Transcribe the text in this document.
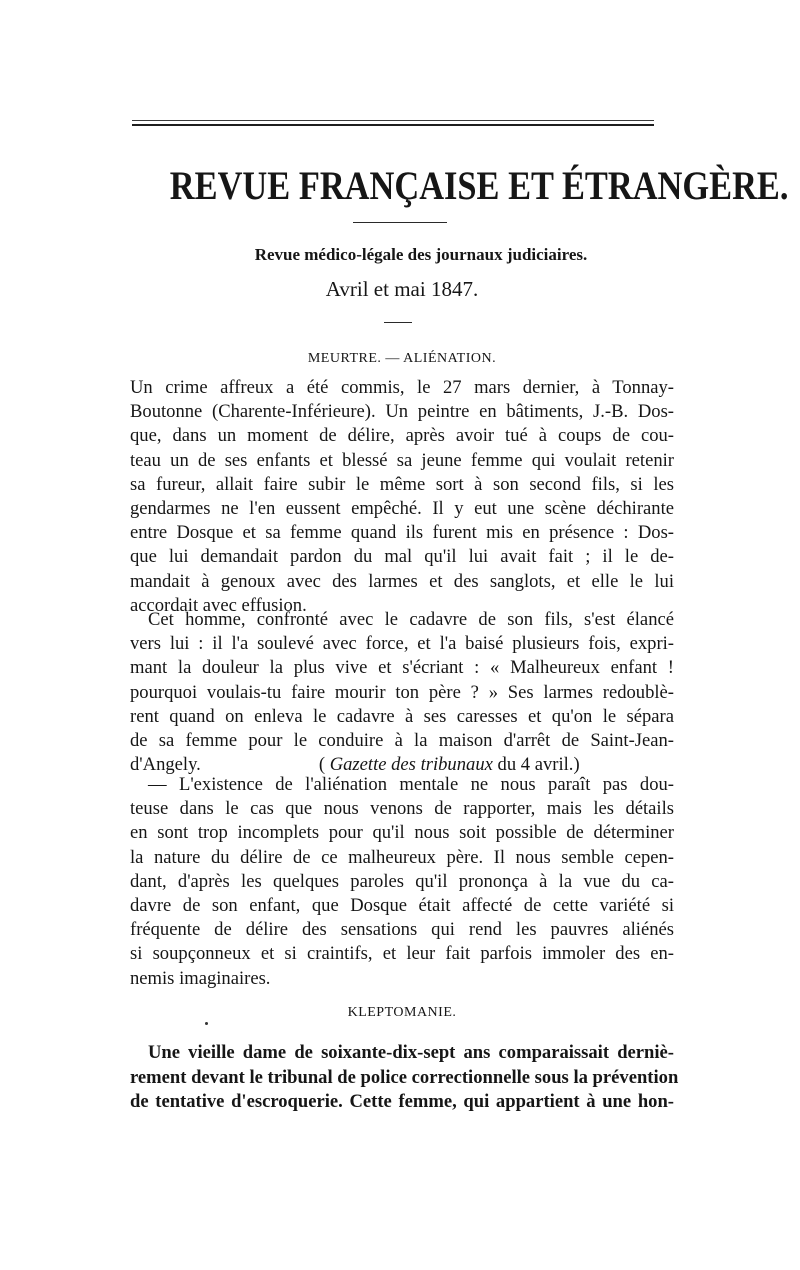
REVUE FRANÇAISE ET ÉTRANGÈRE.
Revue médico-légale des journaux judiciaires.
Avril et mai 1847.
MEURTRE. — ALIÉNATION.
Un crime affreux a été commis, le 27 mars dernier, à Tonnay-
Boutonne (Charente-Inférieure). Un peintre en bâtiments, J.-B. Dos-
que, dans un moment de délire, après avoir tué à coups de cou-
teau un de ses enfants et blessé sa jeune femme qui voulait retenir
sa fureur, allait faire subir le même sort à son second fils, si les
gendarmes ne l'en eussent empêché. Il y eut une scène déchirante
entre Dosque et sa femme quand ils furent mis en présence : Dos-
que lui demandait pardon du mal qu'il lui avait fait ; il le de-
mandait à genoux avec des larmes et des sanglots, et elle le lui
accordait avec effusion.
Cet homme, confronté avec le cadavre de son fils, s'est élancé
vers lui : il l'a soulevé avec force, et l'a baisé plusieurs fois, expri-
mant la douleur la plus vive et s'écriant : « Malheureux enfant !
pourquoi voulais-tu faire mourir ton père ? » Ses larmes redoublè-
rent quand on enleva le cadavre à ses caresses et qu'on le sépara
de sa femme pour le conduire à la maison d'arrêt de Saint-Jean-
d'Angely.	( Gazette des tribunaux du 4 avril.)
— L'existence de l'aliénation mentale ne nous paraît pas dou-
teuse dans le cas que nous venons de rapporter, mais les détails
en sont trop incomplets pour qu'il nous soit possible de déterminer
la nature du délire de ce malheureux père. Il nous semble cepen-
dant, d'après les quelques paroles qu'il prononça à la vue du ca-
davre de son enfant, que Dosque était affecté de cette variété si
fréquente de délire des sensations qui rend les pauvres aliénés
si soupçonneux et si craintifs, et leur fait parfois immoler des en-
nemis imaginaires.
KLEPTOMANIE.
Une vieille dame de soixante-dix-sept ans comparaissait derniè-
rement devant le tribunal de police correctionnelle sous la prévention
de tentative d'escroquerie. Cette femme, qui appartient à une hon-
